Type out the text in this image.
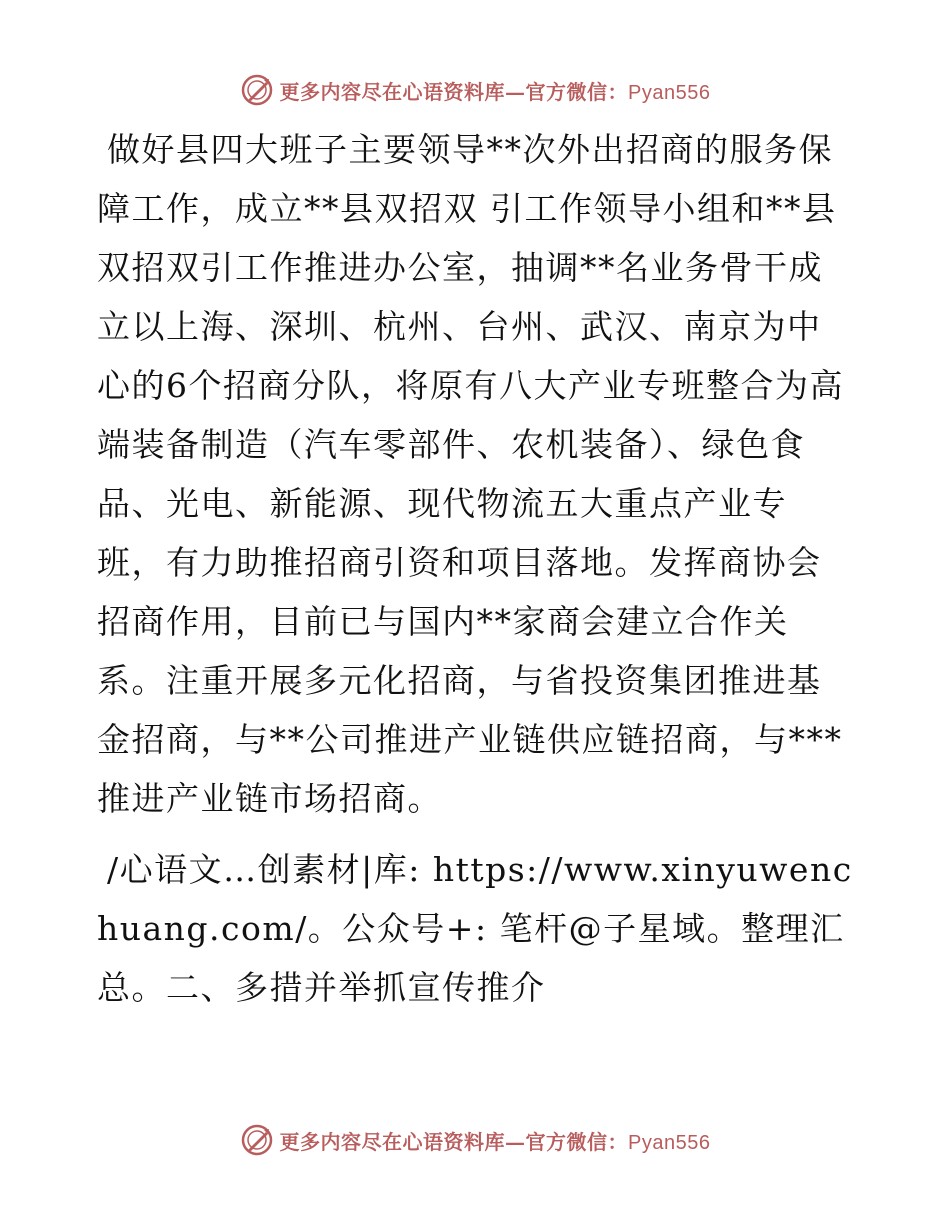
更多内容尽在心语资料库—官方微信：Pyan556

做好县四大班子主要领导**次外出招商的服务保障工作，成立**县双招双 引工作领导小组和**县双招双引工作推进办公室，抽调**名业务骨干成立以上海、深圳、杭州、台州、武汉、南京为中心的6个招商分队，将原有八大产业专班整合为高端装备制造（汽车零部件、农机装备）、绿色食品、光电、新能源、现代物流五大重点产业专班，有力助推招商引资和项目落地。发挥商协会招商作用，目前已与国内**家商会建立合作关系。注重开展多元化招商，与省投资集团推进基金招商，与**公司推进产业链供应链招商，与***推进产业链市场招商。

/心语文…创素材|库: https://www.xinyuwenchuang.com/。公众号+: 笔杆@子星域。整理汇总。二、多措并举抓宣传推介

更多内容尽在心语资料库—官方微信：Pyan556
